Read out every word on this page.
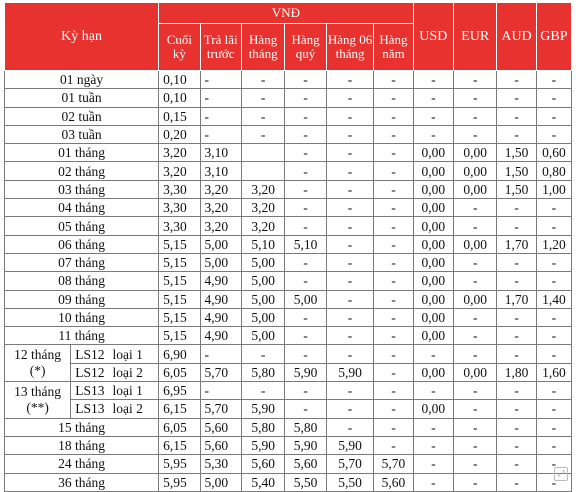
Kỳ hạn		VNĐ						USD	EUR	AUD	GBP
		Cuối kỳ	Trả lãi trước	Hàng tháng	Hàng quý	Hàng 06 tháng	Hàng năm				
01 ngày		0,10	-	-	-	-	-	-	-	-	-
01 tuần		0,10	-	-	-	-	-	-	-	-	-
02 tuần		0,15	-	-	-	-	-	-	-	-	-
03 tuần		0,20	-	-	-	-	-	-	-	-	-
01 tháng		3,20	3,10		-	-	-	0,00	0,00	1,50	0,60
02 tháng		3,20	3,10		-	-	-	0,00	0,00	1,50	0,80
03 tháng		3,30	3,20	3,20	-	-	-	0,00	0,00	1,50	1,00
04 tháng		3,30	3,20	3,20	-	-	-	0,00	-	-	-
05 tháng		3,30	3,20	3,20	-	-	-	0,00	-	-	-
06 tháng		5,15	5,00	5,10	5,10	-	-	0,00	0,00	1,70	1,20
07 tháng		5,15	5,00	5,00	-	-	-	0,00	-	-	-
08 tháng		5,15	4,90	5,00	-	-	-	0,00	-	-	-
09 tháng		5,15	4,90	5,00	5,00	-	-	0,00	0,00	1,70	1,40
10 tháng		5,15	4,90	5,00	-	-	-	0,00	-	-	-
11 tháng		5,15	4,90	5,00	-	-	-	0,00	-	-	-

12 tháng
(*)	LS12 loại 1	6,90	-	-	-	-	-	-	-	-	-
	LS12 loại 2	6,05	5,70	5,80	5,90	5,90	-	0,00	0,00	1,80	1,60

13 tháng
(**)	LS13 loại 1	6,95	-	-	-	-	-	-	-	-	-
	LS13 loại 2	6,15	5,70	5,90	-	-	-	0,00	-	-	-
15 tháng		6,05	5,60	5,80	5,80	-	-	-	-	-	-
18 tháng		6,15	5,60	5,90	5,90	5,90	-	-	-	-	-
24 tháng		5,95	5,30	5,60	5,60	5,70	5,70	-	-	-	-
36 tháng		5,95	5,00	5,40	5,50	5,50	5,60	-	-	-	-
⤢
